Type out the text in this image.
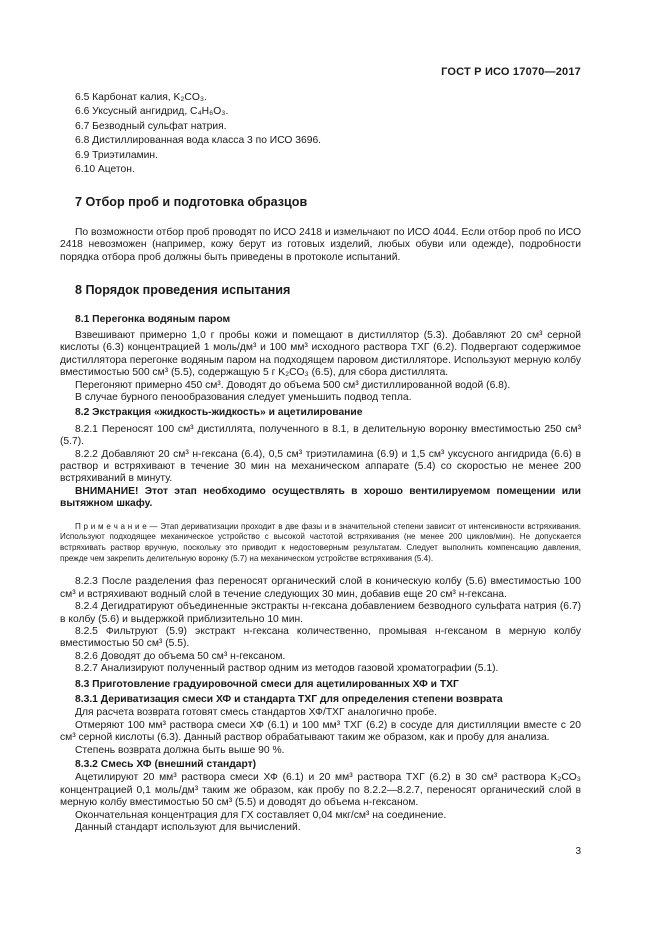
ГОСТ Р ИСО 17070—2017

6.5 Карбонат калия, K₂CO₃.

6.6 Уксусный ангидрид, C₄H₆O₃.

6.7 Безводный сульфат натрия.

6.8 Дистиллированная вода класса 3 по ИСО 3696.

6.9 Триэтиламин.

6.10 Ацетон.

7 Отбор проб и подготовка образцов

По возможности отбор проб проводят по ИСО 2418 и измельчают по ИСО 4044. Если отбор проб по ИСО 2418 невозможен (например, кожу берут из готовых изделий, любых обуви или одежде), подробности порядка отбора проб должны быть приведены в протоколе испытаний.

8 Порядок проведения испытания

8.1 Перегонка водяным паром

Взвешивают примерно 1,0 г пробы кожи и помещают в дистиллятор (5.3). Добавляют 20 см³ серной кислоты (6.3) концентрацией 1 моль/дм³ и 100 мм³ исходного раствора ТХГ (6.2). Подвергают содержимое дистиллятора перегонке водяным паром на подходящем паровом дистилляторе. Используют мерную колбу вместимостью 500 см³ (5.5), содержащую 5 г K₂CO₃ (6.5), для сбора дистиллята.

Перегоняют примерно 450 см³. Доводят до объема 500 см³ дистиллированной водой (6.8).

В случае бурного пенообразования следует уменьшить подвод тепла.

8.2 Экстракция «жидкость-жидкость» и ацетилирование

8.2.1 Переносят 100 см³ дистиллята, полученного в 8.1, в делительную воронку вместимостью 250 см³ (5.7).

8.2.2 Добавляют 20 см³ н-гексана (6.4), 0,5 см³ триэтиламина (6.9) и 1,5 см³ уксусного ангидрида (6.6) в раствор и встряхивают в течение 30 мин на механическом аппарате (5.4) со скоростью не менее 200 встряхиваний в минуту.

ВНИМАНИЕ! Этот этап необходимо осуществлять в хорошо вентилируемом помещении или вытяжном шкафу.

П р и м е ч а н и е — Этап дериватизации проходит в две фазы и в значительной степени зависит от интенсивности встряхивания. Используют подходящее механическое устройство с высокой частотой встряхивания (не менее 200 циклов/мин). Не допускается встряхивать раствор вручную, поскольку это приводит к недостоверным результатам. Следует выполнить компенсацию давления, прежде чем закрепить делительную воронку (5.7) на механическом устройстве встряхивания (5.4).

8.2.3 После разделения фаз переносят органический слой в коническую колбу (5.6) вместимостью 100 см³ и встряхивают водный слой в течение следующих 30 мин, добавив еще 20 см³ н-гексана.

8.2.4 Дегидратируют объединенные экстракты н-гексана добавлением безводного сульфата натрия (6.7) в колбу (5.6) и выдержкой приблизительно 10 мин.

8.2.5 Фильтруют (5.9) экстракт н-гексана количественно, промывая н-гексаном в мерную колбу вместимостью 50 см³ (5.5).

8.2.6 Доводят до объема 50 см³ н-гексаном.

8.2.7 Анализируют полученный раствор одним из методов газовой хроматографии (5.1).

8.3 Приготовление градуировочной смеси для ацетилированных ХФ и ТХГ

8.3.1 Дериватизация смеси ХФ и стандарта ТХГ для определения степени возврата

Для расчета возврата готовят смесь стандартов ХФ/ТХГ аналогично пробе.

Отмеряют 100 мм³ раствора смеси ХФ (6.1) и 100 мм³ ТХГ (6.2) в сосуде для дистилляции вместе с 20 см³ серной кислоты (6.3). Данный раствор обрабатывают таким же образом, как и пробу для анализа.

Степень возврата должна быть выше 90 %.

8.3.2 Смесь ХФ (внешний стандарт)

Ацетилируют 20 мм³ раствора смеси ХФ (6.1) и 20 мм³ раствора ТХГ (6.2) в 30 см³ раствора K₂CO₃ концентрацией 0,1 моль/дм³ таким же образом, как пробу по 8.2.2—8.2.7, переносят органический слой в мерную колбу вместимостью 50 см³ (5.5) и доводят до объема н-гексаном.

Окончательная концентрация для ГХ составляет 0,04 мкг/см³ на соединение.

Данный стандарт используют для вычислений.

3
